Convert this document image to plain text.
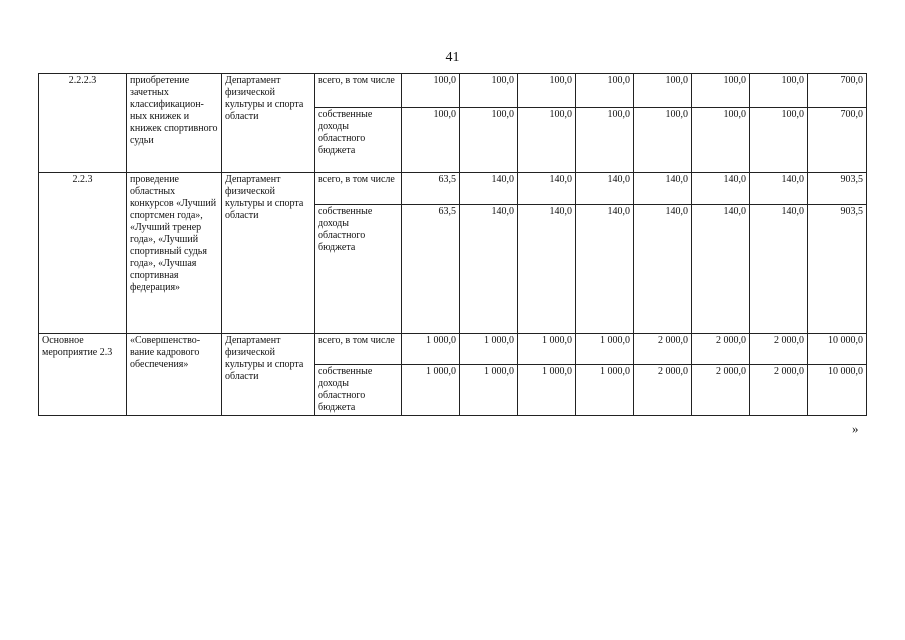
41
2.2.2.3	приобретение зачетных классификацион-ных книжек и книжек спортивного судьи	Департамент физической культуры и спорта области	всего, в том числе	100,0	100,0	100,0	100,0	100,0	100,0	100,0	700,0
			собственные доходы областного бюджета	100,0	100,0	100,0	100,0	100,0	100,0	100,0	700,0
2.2.3	проведение областных конкурсов «Лучший спортсмен года», «Лучший тренер года», «Лучший спортивный судья года», «Лучшая спортивная федерация»	Департамент физической культуры и спорта области	всего, в том числе	63,5	140,0	140,0	140,0	140,0	140,0	140,0	903,5
			собственные доходы областного бюджета	63,5	140,0	140,0	140,0	140,0	140,0	140,0	903,5
Основное мероприятие 2.3	«Совершенство-вание кадрового обеспечения»	Департамент физической культуры и спорта области	всего, в том числе	1 000,0	1 000,0	1 000,0	1 000,0	2 000,0	2 000,0	2 000,0	10 000,0
			собственные доходы областного бюджета	1 000,0	1 000,0	1 000,0	1 000,0	2 000,0	2 000,0	2 000,0	10 000,0
»
